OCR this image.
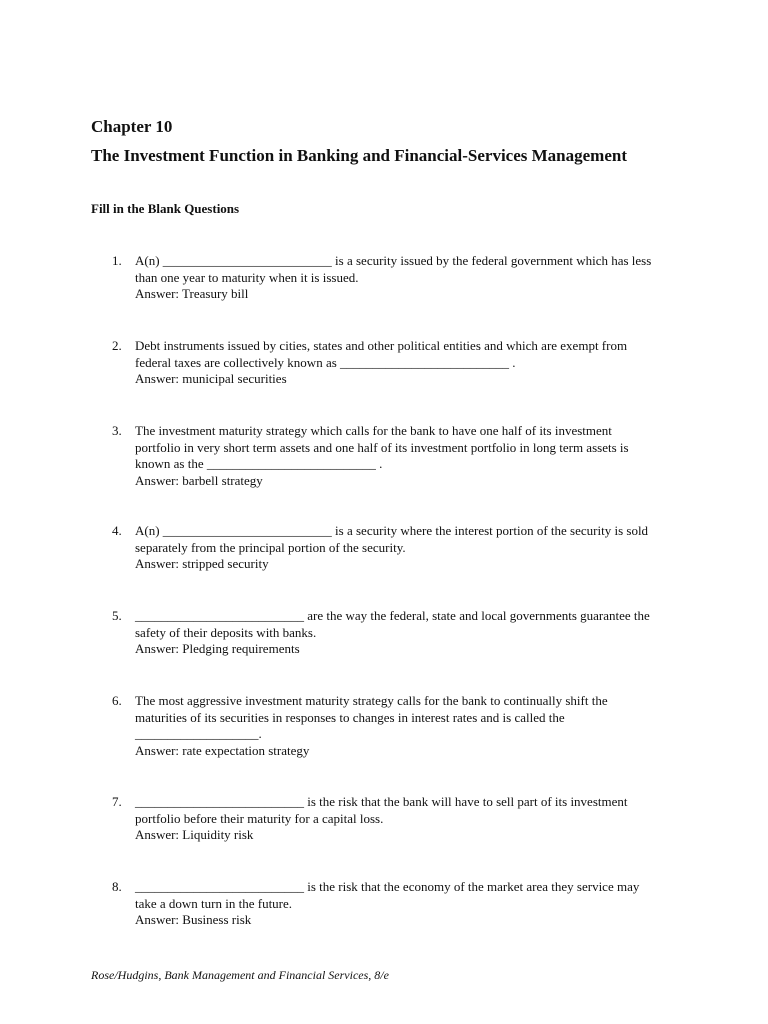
Chapter 10
The Investment Function in Banking and Financial-Services Management
Fill in the Blank Questions
1.	A(n) __________________________ is a security issued by the federal government which has less
than one year to maturity when it is issued.
Answer: Treasury bill
2.	Debt instruments issued by cities, states and other political entities and which are exempt from
federal taxes are collectively known as __________________________ .
Answer: municipal securities
3.	The investment maturity strategy which calls for the bank to have one half of its investment
portfolio in very short term assets and one half of its investment portfolio in long term assets is
known as the __________________________ .
Answer: barbell strategy
4.	A(n) __________________________ is a security where the interest portion of the security is sold
separately from the principal portion of the security.
Answer: stripped security
5.	__________________________ are the way the federal, state and local governments guarantee the
safety of their deposits with banks.
Answer: Pledging requirements
6.	The most aggressive investment maturity strategy calls for the bank to continually shift the
maturities of its securities in responses to changes in interest rates and is called the
___________________.
Answer: rate expectation strategy
7.	__________________________ is the risk that the bank will have to sell part of its investment
portfolio before their maturity for a capital loss.
Answer: Liquidity risk
8.	__________________________ is the risk that the economy of the market area they service may
take a down turn in the future.
Answer: Business risk
Rose/Hudgins, Bank Management and Financial Services, 8/e
